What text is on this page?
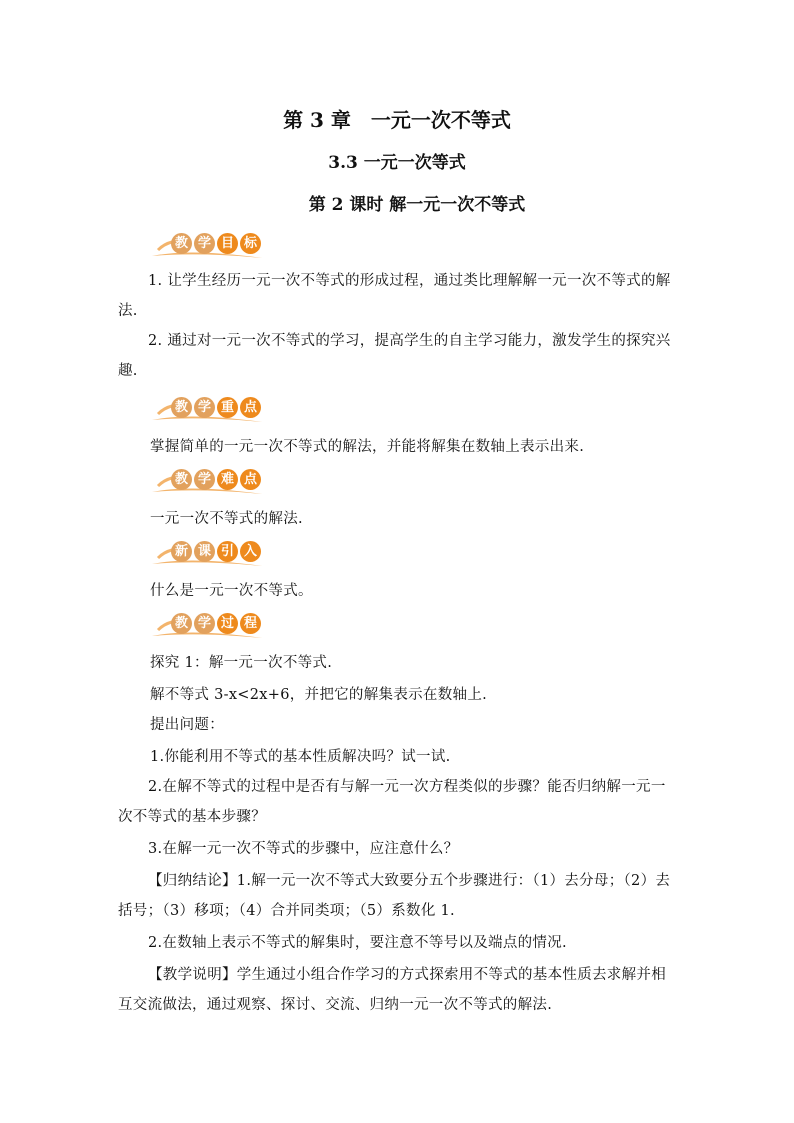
第 3 章　一元一次不等式
3.3 一元一次等式
第 2 课时 解一元一次不等式
教 学 目 标
1. 让学生经历一元一次不等式的形成过程，通过类比理解解一元一次不等式的解法.
2. 通过对一元一次不等式的学习，提高学生的自主学习能力，激发学生的探究兴趣.
教 学 重 点
掌握简单的一元一次不等式的解法，并能将解集在数轴上表示出来.
教 学 难 点
一元一次不等式的解法.
新 课 引 入
什么是一元一次不等式。
教 学 过 程
探究 1：解一元一次不等式.
解不等式 3-x<2x+6，并把它的解集表示在数轴上.
提出问题：
1.你能利用不等式的基本性质解决吗？试一试.
2.在解不等式的过程中是否有与解一元一次方程类似的步骤？能否归纳解一元一次不等式的基本步骤？
3.在解一元一次不等式的步骤中，应注意什么？
【归纳结论】1.解一元一次不等式大致要分五个步骤进行：（1）去分母；（2）去括号；（3）移项；（4）合并同类项；（5）系数化 1.
2.在数轴上表示不等式的解集时，要注意不等号以及端点的情况.
【教学说明】学生通过小组合作学习的方式探索用不等式的基本性质去求解并相互交流做法，通过观察、探讨、交流、归纳一元一次不等式的解法.
